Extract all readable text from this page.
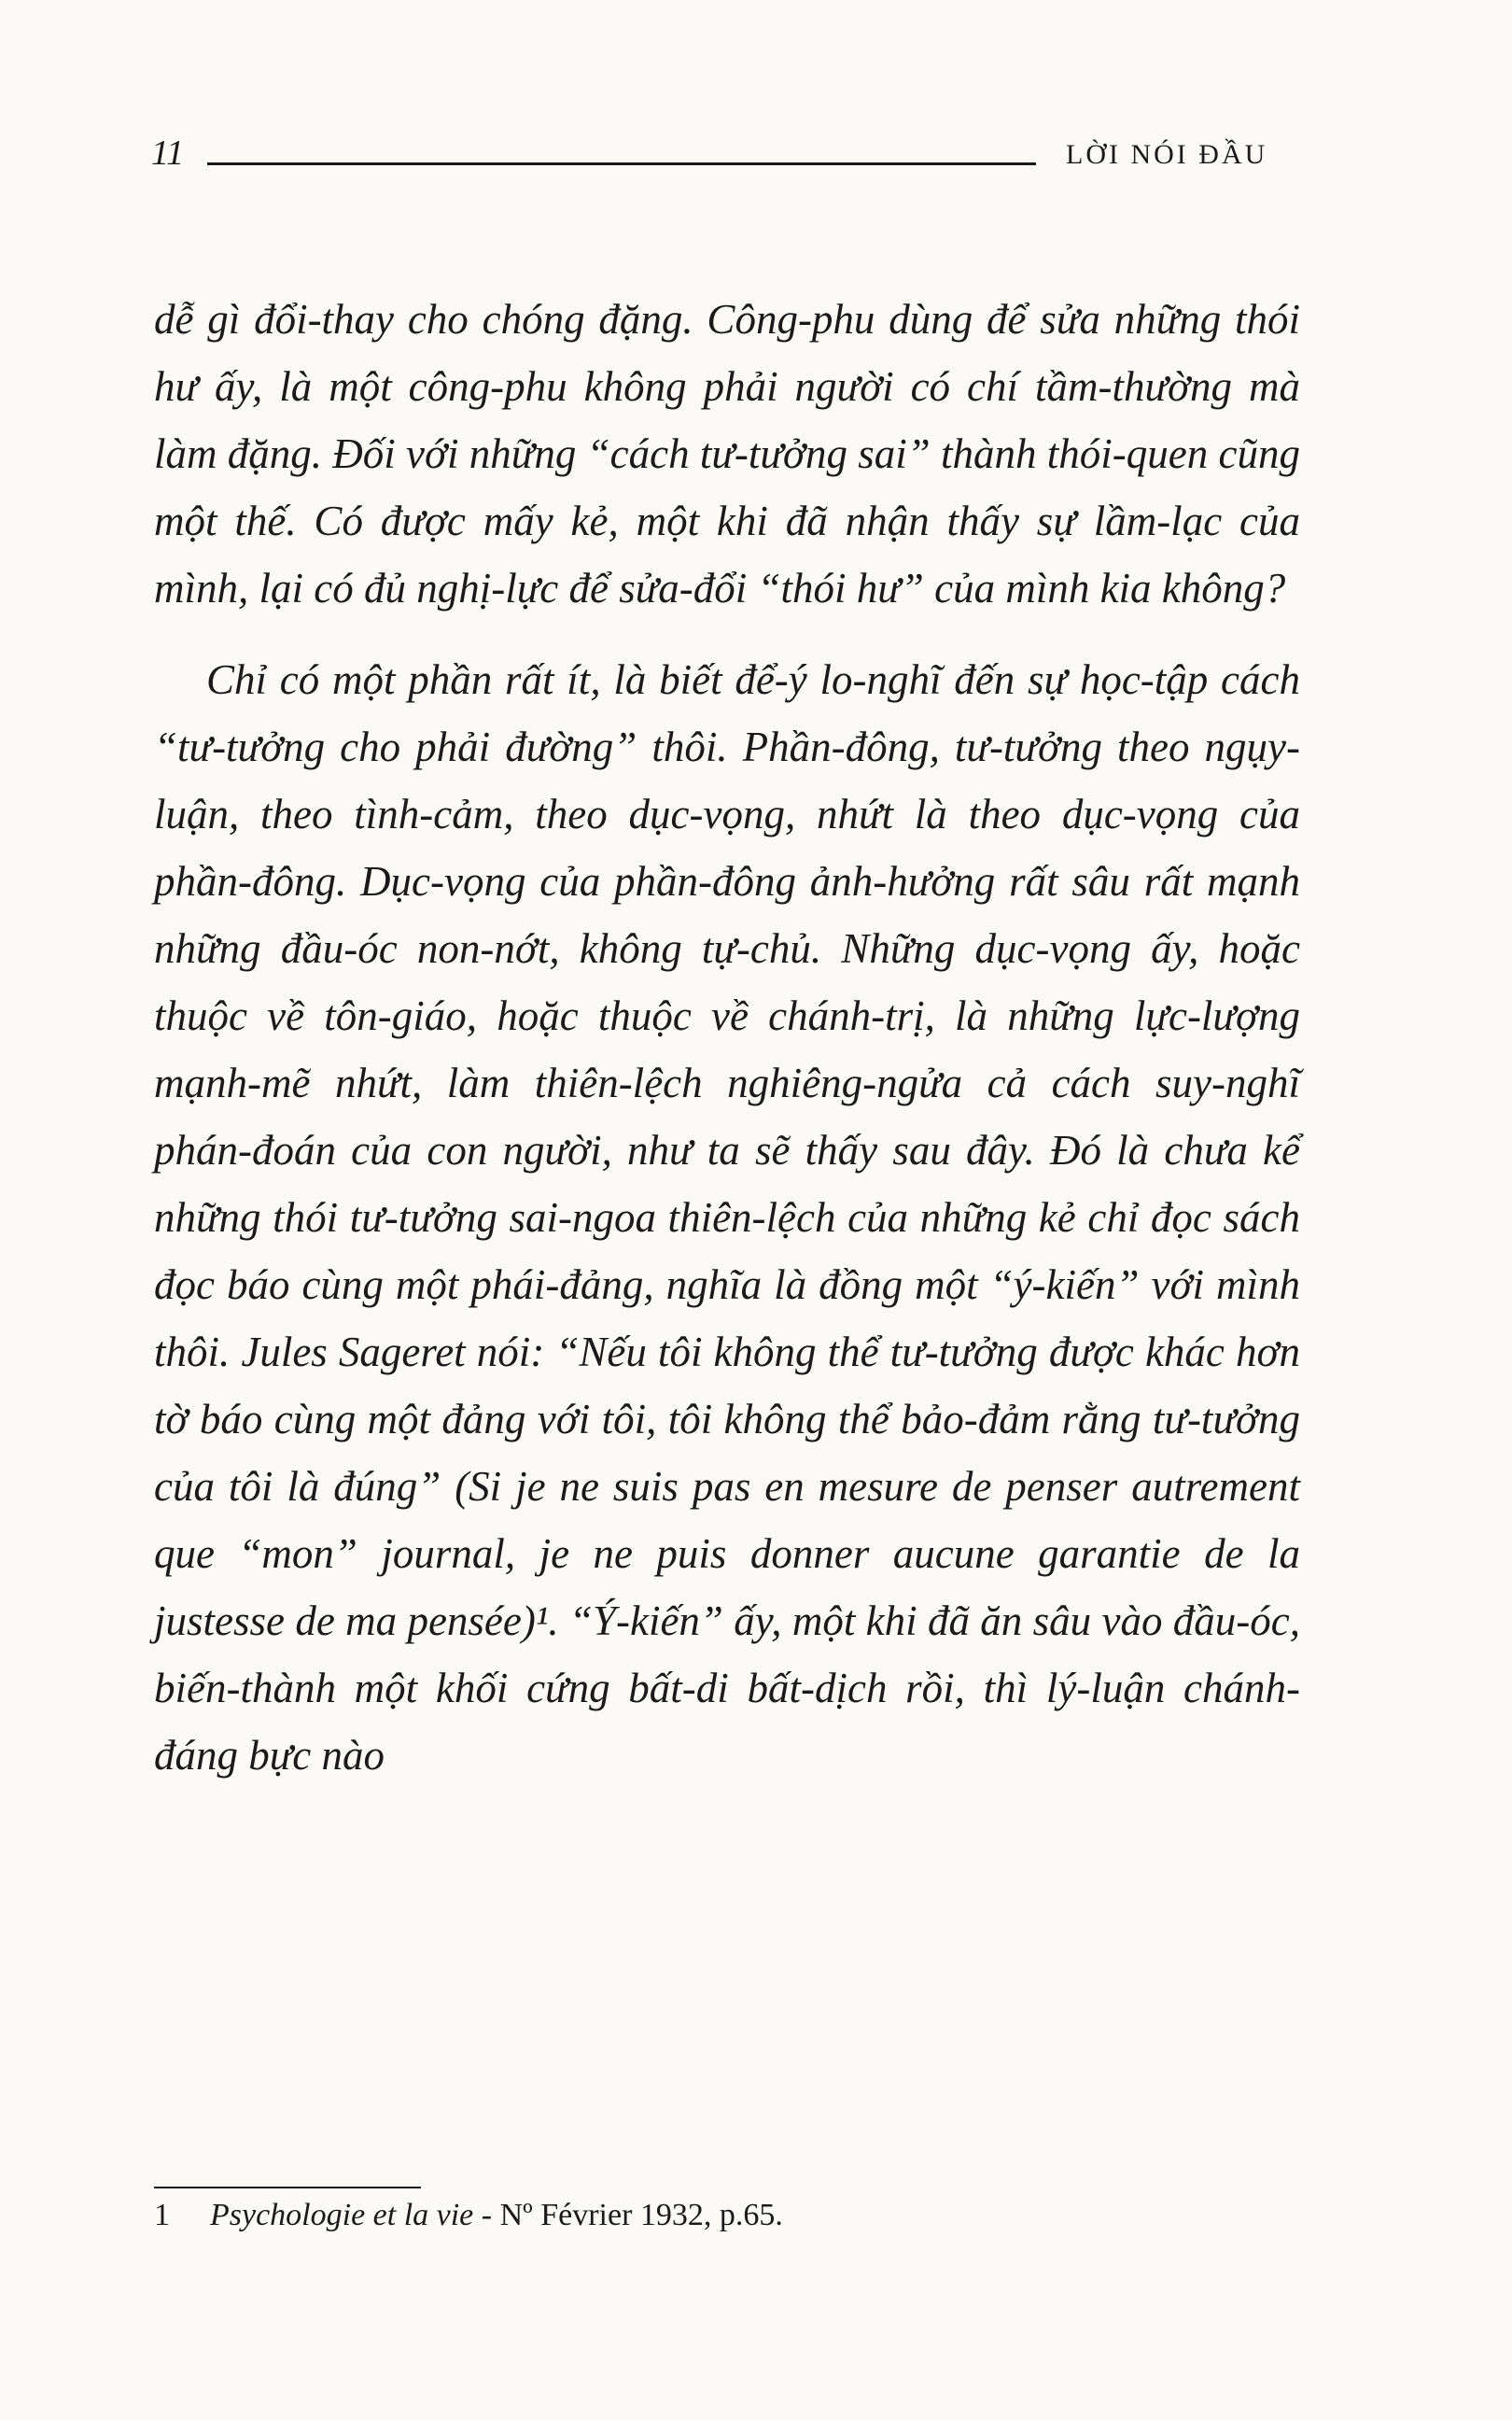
11	LỜI NÓI ĐẦU

dễ gì đổi-thay cho chóng đặng. Công-phu dùng để sửa những thói hư ấy, là một công-phu không phải người có chí tầm-thường mà làm đặng. Đối với những “cách tư-tưởng sai” thành thói-quen cũng một thế. Có được mấy kẻ, một khi đã nhận thấy sự lầm-lạc của mình, lại có đủ nghị-lực để sửa-đổi “thói hư” của mình kia không?

Chỉ có một phần rất ít, là biết để-ý lo-nghĩ đến sự học-tập cách “tư-tưởng cho phải đường” thôi. Phần-đông, tư-tưởng theo ngụy-luận, theo tình-cảm, theo dục-vọng, nhứt là theo dục-vọng của phần-đông. Dục-vọng của phần-đông ảnh-hưởng rất sâu rất mạnh những đầu-óc non-nớt, không tự-chủ. Những dục-vọng ấy, hoặc thuộc về tôn-giáo, hoặc thuộc về chánh-trị, là những lực-lượng mạnh-mẽ nhứt, làm thiên-lệch nghiêng-ngửa cả cách suy-nghĩ phán-đoán của con người, như ta sẽ thấy sau đây. Đó là chưa kể những thói tư-tưởng sai-ngoa thiên-lệch của những kẻ chỉ đọc sách đọc báo cùng một phái-đảng, nghĩa là đồng một “ý-kiến” với mình thôi. Jules Sageret nói: “Nếu tôi không thể tư-tưởng được khác hơn tờ báo cùng một đảng với tôi, tôi không thể bảo-đảm rằng tư-tưởng của tôi là đúng” (Si je ne suis pas en mesure de penser autrement que “mon” journal, je ne puis donner aucune garantie de la justesse de ma pensée)¹. “Ý-kiến” ấy, một khi đã ăn sâu vào đầu-óc, biến-thành một khối cứng bất-di bất-dịch rồi, thì lý-luận chánh-đáng bực nào

1 Psychologie et la vie - Nº Février 1932, p.65.
